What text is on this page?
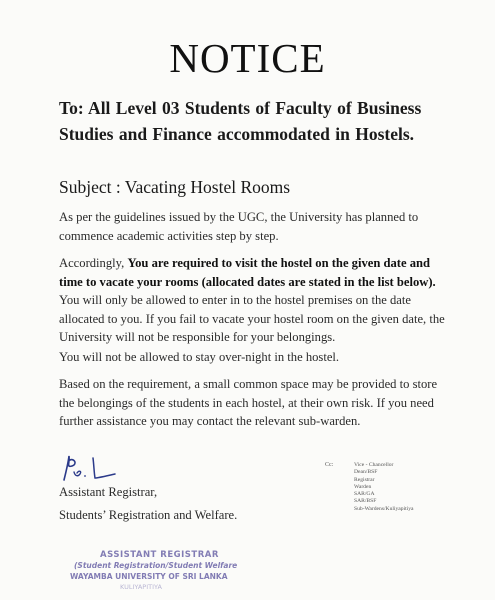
NOTICE
To: All Level 03 Students of Faculty of Business Studies and Finance accommodated in Hostels.
Subject : Vacating Hostel Rooms
As per the guidelines issued by the UGC, the University has planned to commence academic activities step by step.
Accordingly, You are required to visit the hostel on the given date and time to vacate your rooms (allocated dates are stated in the list below). You will only be allowed to enter in to the hostel premises on the date allocated to you. If you fail to vacate your hostel room on the given date, the University will not be responsible for your belongings.
You will not be allowed to stay over-night in the hostel.
Based on the requirement, a small common space may be provided to store the belongings of the students in each hostel, at their own risk. If you need further assistance you may contact the relevant sub-warden.
Assistant Registrar,
Students’ Registration and Welfare.
Cc:	Vice - Chancellor
Dean/BSF
Registrar
Warden
SAR/GA
SAR/BSF
Sub-Wardens/Kuliyapitiya
ASSISTANT REGISTRAR
(Student Registration/Student Welfare
WAYAMBA UNIVERSITY OF SRI LANKA
KULIYAPITIYA
